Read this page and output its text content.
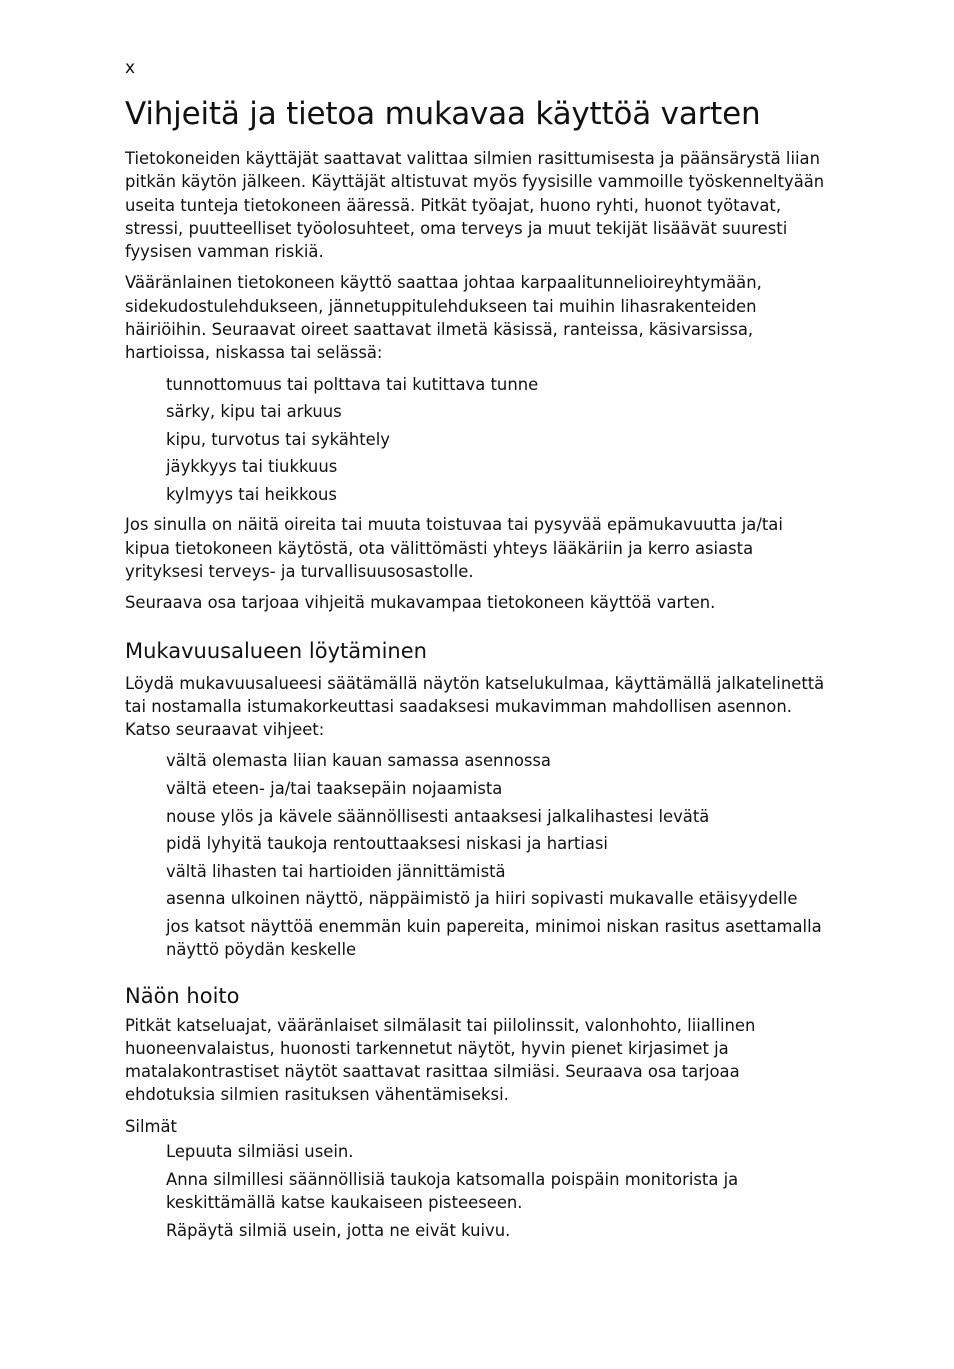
x
Vihjeitä ja tietoa mukavaa käyttöä varten

Tietokoneiden käyttäjät saattavat valittaa silmien rasittumisesta ja päänsärystä liian pitkän käytön jälkeen. Käyttäjät altistuvat myös fyysisille vammoille työskenneltyään useita tunteja tietokoneen ääressä. Pitkät työajat, huono ryhti, huonot työtavat, stressi, puutteelliset työolosuhteet, oma terveys ja muut tekijät lisäävät suuresti fyysisen vamman riskiä.

Vääränlainen tietokoneen käyttö saattaa johtaa karpaalitunnelioireyhtymään, sidekudostulehdukseen, jännetuppitulehdukseen tai muihin lihasrakenteiden häiriöihin. Seuraavat oireet saattavat ilmetä käsissä, ranteissa, käsivarsissa, hartioissa, niskassa tai selässä:

tunnottomuus tai polttava tai kutittava tunne
särky, kipu tai arkuus
kipu, turvotus tai sykähtely
jäykkyys tai tiukkuus
kylmyys tai heikkous

Jos sinulla on näitä oireita tai muuta toistuvaa tai pysyvää epämukavuutta ja/tai kipua tietokoneen käytöstä, ota välittömästi yhteys lääkäriin ja kerro asiasta yrityksesi terveys- ja turvallisuusosastolle.

Seuraava osa tarjoaa vihjeitä mukavampaa tietokoneen käyttöä varten.

Mukavuusalueen löytäminen

Löydä mukavuusalueesi säätämällä näytön katselukulmaa, käyttämällä jalkatelinettä tai nostamalla istumakorkeuttasi saadaksesi mukavimman mahdollisen asennon. Katso seuraavat vihjeet:

vältä olemasta liian kauan samassa asennossa
vältä eteen- ja/tai taaksepäin nojaamista
nouse ylös ja kävele säännöllisesti antaaksesi jalkalihastesi levätä
pidä lyhyitä taukoja rentouttaaksesi niskasi ja hartiasi
vältä lihasten tai hartioiden jännittämistä
asenna ulkoinen näyttö, näppäimistö ja hiiri sopivasti mukavalle etäisyydelle
jos katsot näyttöä enemmän kuin papereita, minimoi niskan rasitus asettamalla näyttö pöydän keskelle
Näön hoito

Pitkät katseluajat, vääränlaiset silmälasit tai piilolinssit, valonhohto, liiallinen huoneenvalaistus, huonosti tarkennetut näytöt, hyvin pienet kirjasimet ja matalakontrastiset näytöt saattavat rasittaa silmiäsi. Seuraava osa tarjoaa ehdotuksia silmien rasituksen vähentämiseksi.

Silmät

Lepuuta silmiäsi usein.
Anna silmillesi säännöllisiä taukoja katsomalla poispäin monitorista ja keskittämällä katse kaukaiseen pisteeseen.
Räpäytä silmiä usein, jotta ne eivät kuivu.
